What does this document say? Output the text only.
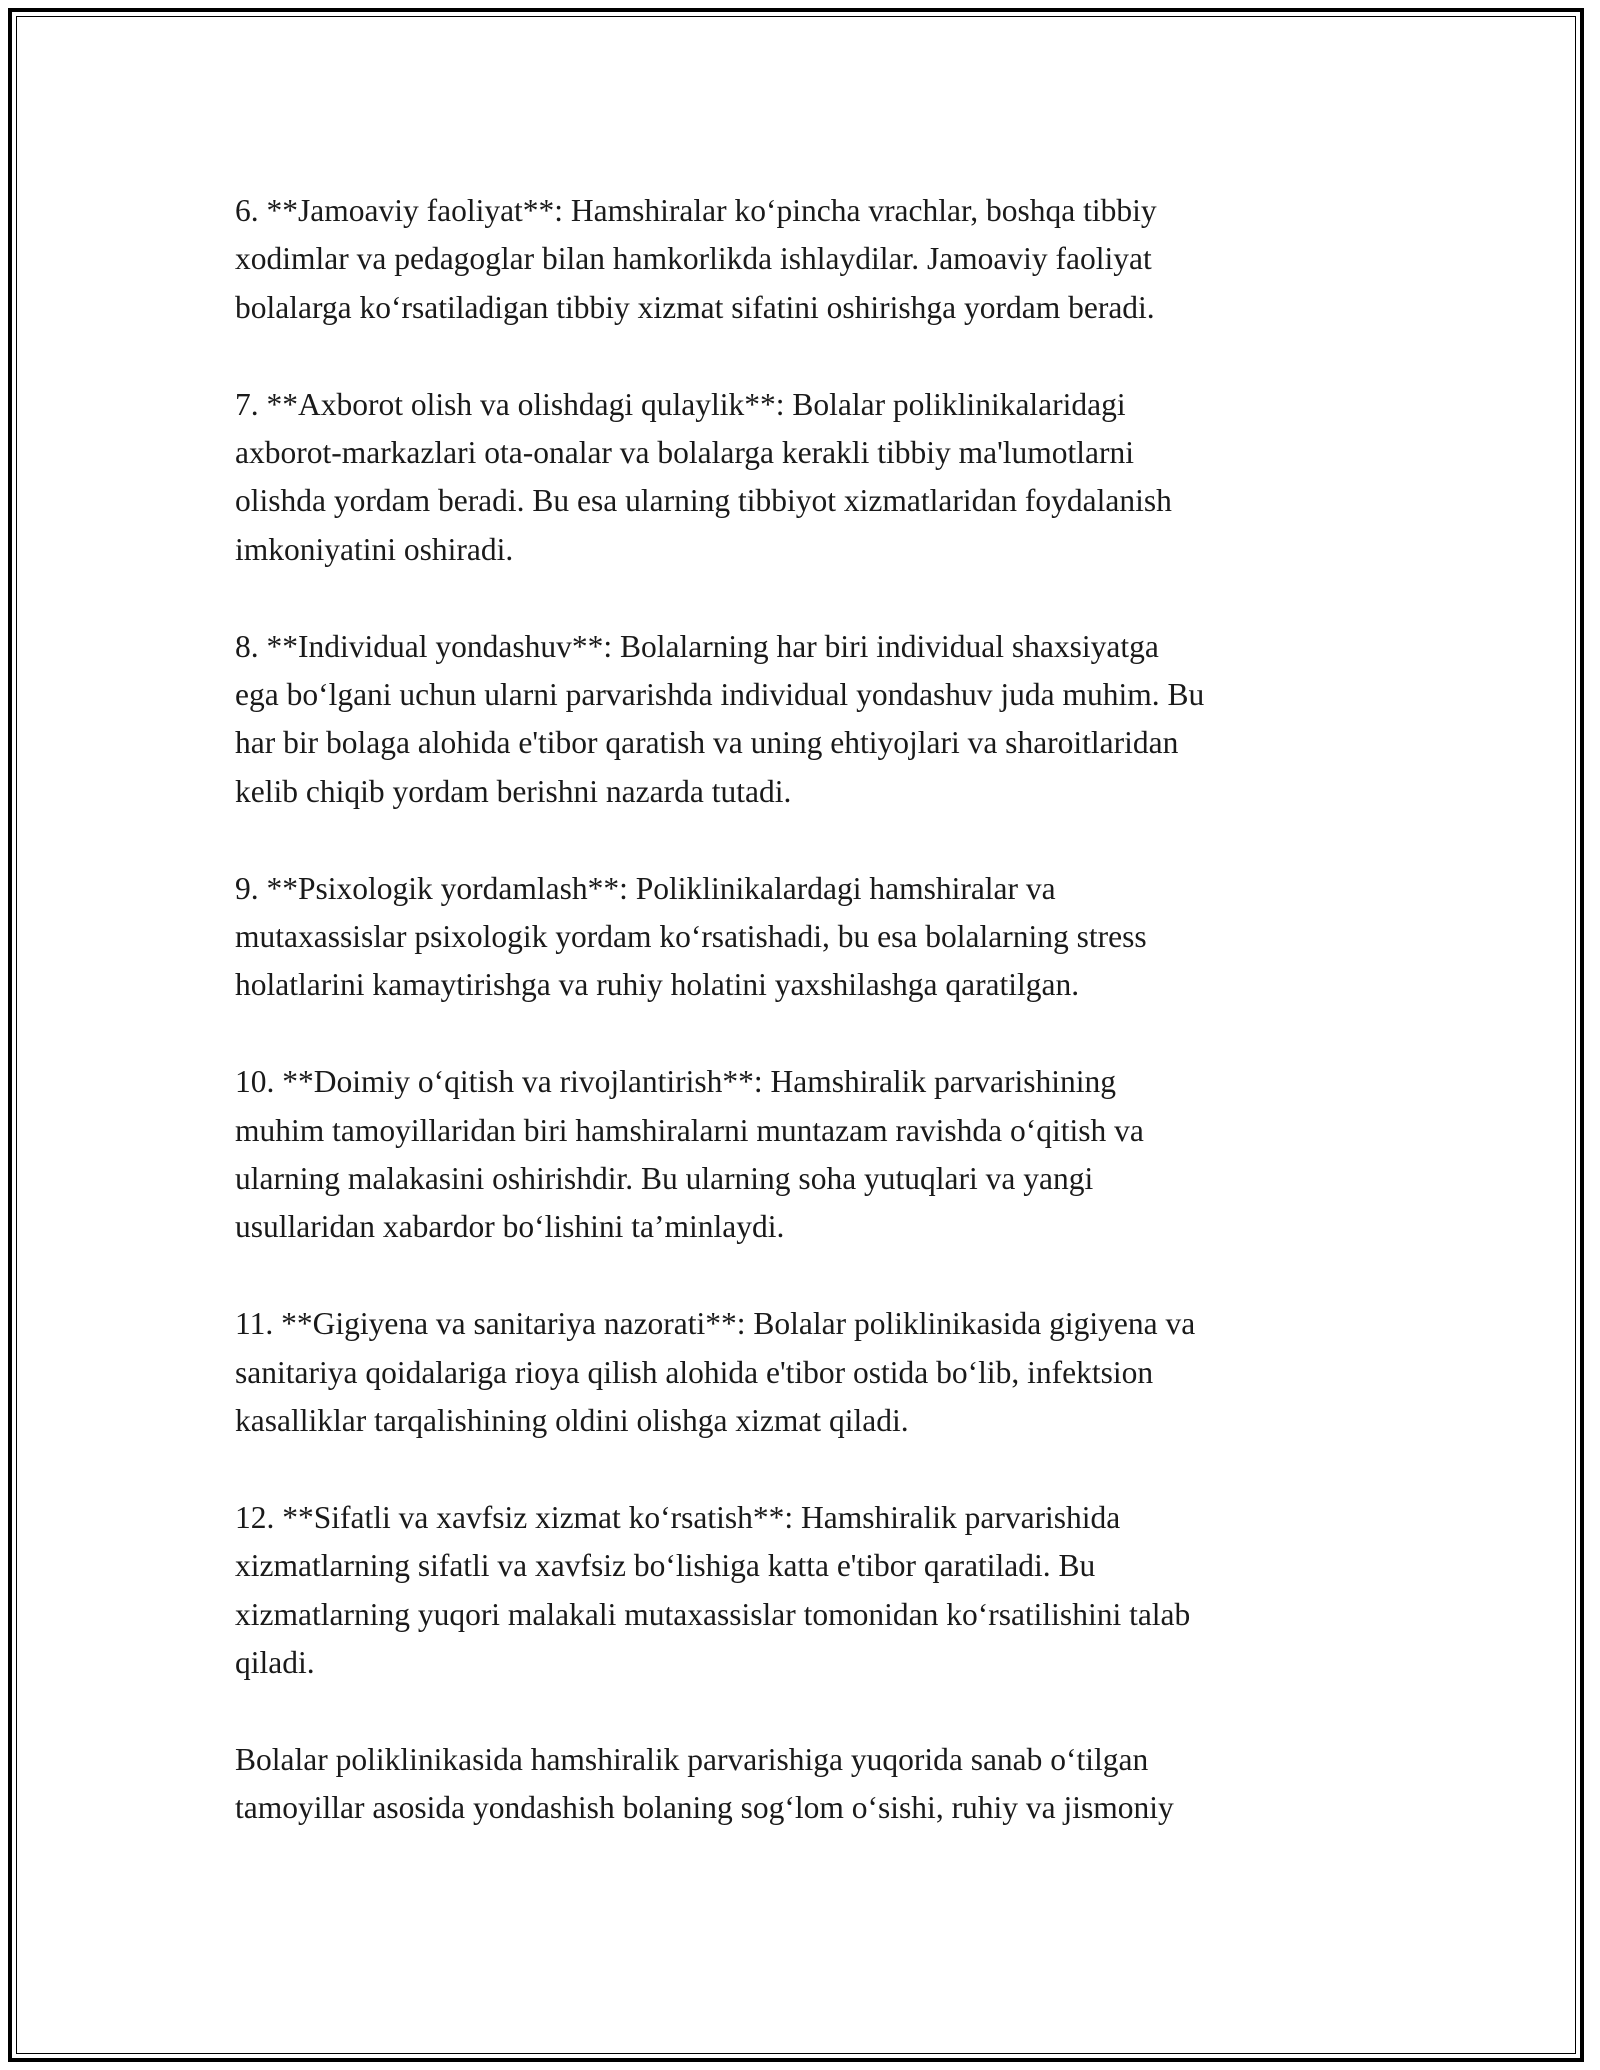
6. **Jamoaviy faoliyat**: Hamshiralar ko‘pincha vrachlar, boshqa tibbiy
xodimlar va pedagoglar bilan hamkorlikda ishlaydilar. Jamoaviy faoliyat
bolalarga ko‘rsatiladigan tibbiy xizmat sifatini oshirishga yordam beradi.

7. **Axborot olish va olishdagi qulaylik**: Bolalar poliklinikalaridagi
axborot-markazlari ota-onalar va bolalarga kerakli tibbiy ma'lumotlarni
olishda yordam beradi. Bu esa ularning tibbiyot xizmatlaridan foydalanish
imkoniyatini oshiradi.

8. **Individual yondashuv**: Bolalarning har biri individual shaxsiyatga
ega bo‘lgani uchun ularni parvarishda individual yondashuv juda muhim. Bu
har bir bolaga alohida e'tibor qaratish va uning ehtiyojlari va sharoitlaridan
kelib chiqib yordam berishni nazarda tutadi.

9. **Psixologik yordamlash**: Poliklinikalardagi hamshiralar va
mutaxassislar psixologik yordam ko‘rsatishadi, bu esa bolalarning stress
holatlarini kamaytirishga va ruhiy holatini yaxshilashga qaratilgan.

10. **Doimiy o‘qitish va rivojlantirish**: Hamshiralik parvarishining
muhim tamoyillaridan biri hamshiralarni muntazam ravishda o‘qitish va
ularning malakasini oshirishdir. Bu ularning soha yutuqlari va yangi
usullaridan xabardor bo‘lishini ta’minlaydi.

11. **Gigiyena va sanitariya nazorati**: Bolalar poliklinikasida gigiyena va
sanitariya qoidalariga rioya qilish alohida e'tibor ostida bo‘lib, infektsion
kasalliklar tarqalishining oldini olishga xizmat qiladi.

12. **Sifatli va xavfsiz xizmat ko‘rsatish**: Hamshiralik parvarishida
xizmatlarning sifatli va xavfsiz bo‘lishiga katta e'tibor qaratiladi. Bu
xizmatlarning yuqori malakali mutaxassislar tomonidan ko‘rsatilishini talab
qiladi.

Bolalar poliklinikasida hamshiralik parvarishiga yuqorida sanab o‘tilgan
tamoyillar asosida yondashish bolaning sog‘lom o‘sishi, ruhiy va jismoniy
